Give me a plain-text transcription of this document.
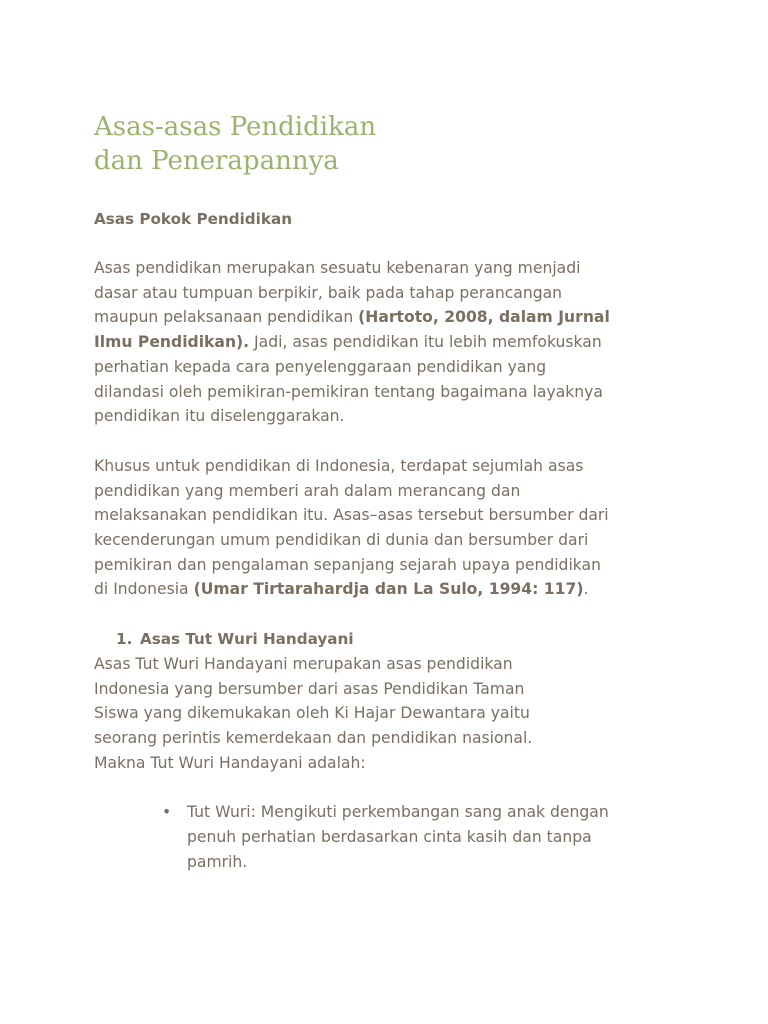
Asas-asas Pendidikan
dan Penerapannya
Asas Pokok Pendidikan

Asas pendidikan merupakan sesuatu kebenaran yang menjadi
dasar atau tumpuan berpikir, baik pada tahap perancangan
maupun pelaksanaan pendidikan (Hartoto, 2008, dalam Jurnal
Ilmu Pendidikan). Jadi, asas pendidikan itu lebih memfokuskan
perhatian kepada cara penyelenggaraan pendidikan yang
dilandasi oleh pemikiran-pemikiran tentang bagaimana layaknya
pendidikan itu diselenggarakan.

Khusus untuk pendidikan di Indonesia, terdapat sejumlah asas
pendidikan yang memberi arah dalam merancang dan
melaksanakan pendidikan itu. Asas–asas tersebut bersumber dari
kecenderungan umum pendidikan di dunia dan bersumber dari
pemikiran dan pengalaman sepanjang sejarah upaya pendidikan
di Indonesia (Umar Tirtarahardja dan La Sulo, 1994: 117).

1. Asas Tut Wuri Handayani

Asas Tut Wuri Handayani merupakan asas pendidikan
Indonesia yang bersumber dari asas Pendidikan Taman
Siswa yang dikemukakan oleh Ki Hajar Dewantara yaitu
seorang perintis kemerdekaan dan pendidikan nasional.

Makna Tut Wuri Handayani adalah:

• Tut Wuri: Mengikuti perkembangan sang anak dengan
penuh perhatian berdasarkan cinta kasih dan tanpa
pamrih.
